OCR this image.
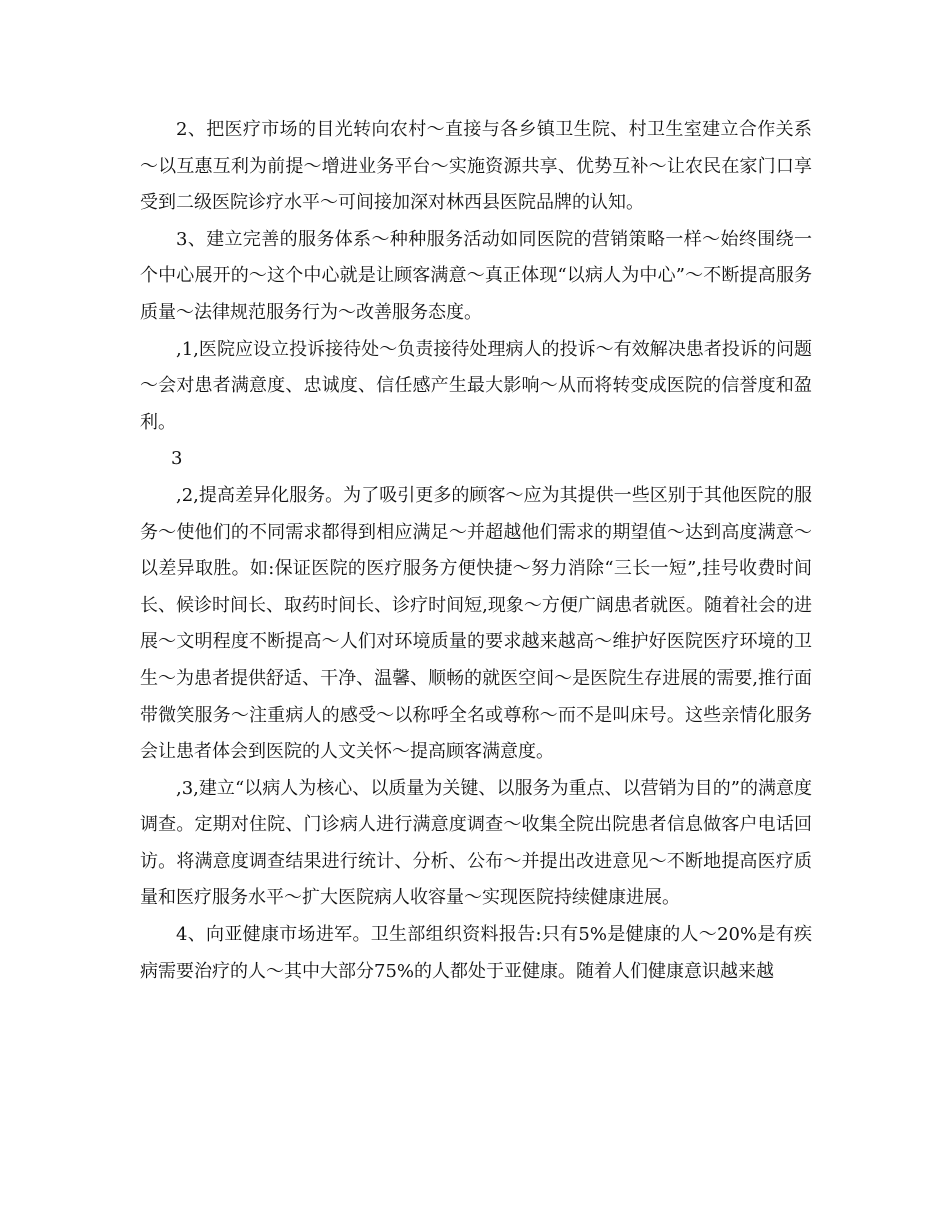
2、把医疗市场的目光转向农村～直接与各乡镇卫生院、村卫生室建立合作关系～以互惠互利为前提～增进业务平台～实施资源共享、优势互补～让农民在家门口享受到二级医院诊疗水平～可间接加深对林西县医院品牌的认知。

3、建立完善的服务体系～种种服务活动如同医院的营销策略一样～始终围绕一个中心展开的～这个中心就是让顾客满意～真正体现“以病人为中心”～不断提高服务质量～法律规范服务行为～改善服务态度。

,1,医院应设立投诉接待处～负责接待处理病人的投诉～有效解决患者投诉的问题～会对患者满意度、忠诚度、信任感产生最大影响～从而将转变成医院的信誉度和盈利。

3

,2,提高差异化服务。为了吸引更多的顾客～应为其提供一些区别于其他医院的服务～使他们的不同需求都得到相应满足～并超越他们需求的期望值～达到高度满意～以差异取胜。如:保证医院的医疗服务方便快捷～努力消除“三长一短”,挂号收费时间长、候诊时间长、取药时间长、诊疗时间短,现象～方便广阔患者就医。随着社会的进展～文明程度不断提高～人们对环境质量的要求越来越高～维护好医院医疗环境的卫生～为患者提供舒适、干净、温馨、顺畅的就医空间～是医院生存进展的需要,推行面带微笑服务～注重病人的感受～以称呼全名或尊称～而不是叫床号。这些亲情化服务会让患者体会到医院的人文关怀～提高顾客满意度。

,3,建立“以病人为核心、以质量为关键、以服务为重点、以营销为目的”的满意度调查。定期对住院、门诊病人进行满意度调查～收集全院出院患者信息做客户电话回访。将满意度调查结果进行统计、分析、公布～并提出改进意见～不断地提高医疗质量和医疗服务水平～扩大医院病人收容量～实现医院持续健康进展。

4、向亚健康市场进军。卫生部组织资料报告:只有5%是健康的人～20%是有疾病需要治疗的人～其中大部分75%的人都处于亚健康。随着人们健康意识越来越
